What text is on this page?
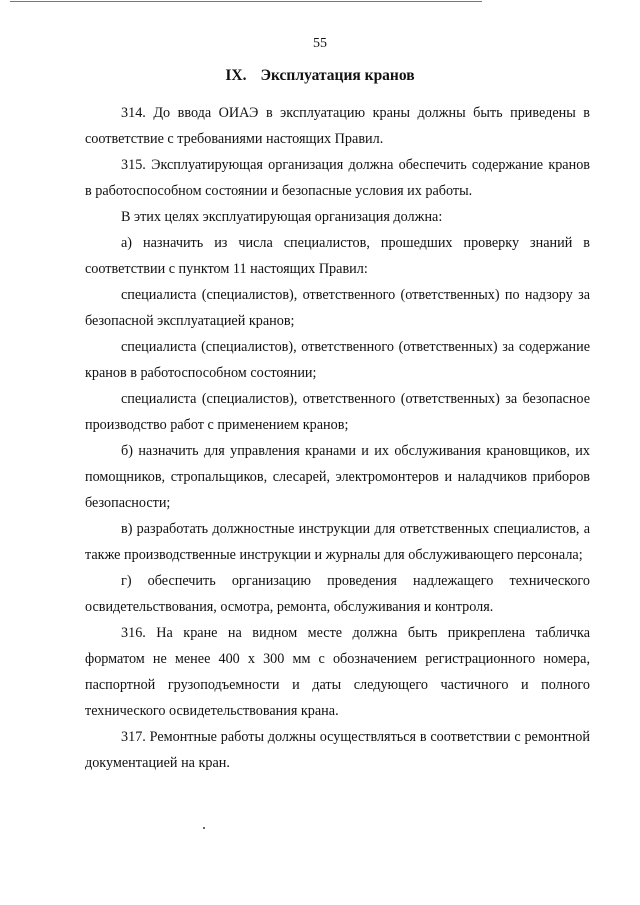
55
IX. Эксплуатация кранов

314. До ввода ОИАЭ в эксплуатацию краны должны быть приведены в соответствие с требованиями настоящих Правил.

315. Эксплуатирующая организация должна обеспечить содержание кранов в работоспособном состоянии и безопасные условия их работы.

В этих целях эксплуатирующая организация должна:

а) назначить из числа специалистов, прошедших проверку знаний в соответствии с пунктом 11 настоящих Правил:

специалиста (специалистов), ответственного (ответственных) по надзору за безопасной эксплуатацией кранов;

специалиста (специалистов), ответственного (ответственных) за содержание кранов в работоспособном состоянии;

специалиста (специалистов), ответственного (ответственных) за безопасное производство работ с применением кранов;

б) назначить для управления кранами и их обслуживания крановщиков, их помощников, стропальщиков, слесарей, электромонтеров и наладчиков приборов безопасности;

в) разработать должностные инструкции для ответственных специалистов, а также производственные инструкции и журналы для обслуживающего персонала;

г) обеспечить организацию проведения надлежащего технического освидетельствования, осмотра, ремонта, обслуживания и контроля.

316. На кране на видном месте должна быть прикреплена табличка форматом не менее 400 х 300 мм с обозначением регистрационного номера, паспортной грузоподъемности и даты следующего частичного и полного технического освидетельствования крана.

317. Ремонтные работы должны осуществляться в соответствии с ремонтной документацией на кран.
